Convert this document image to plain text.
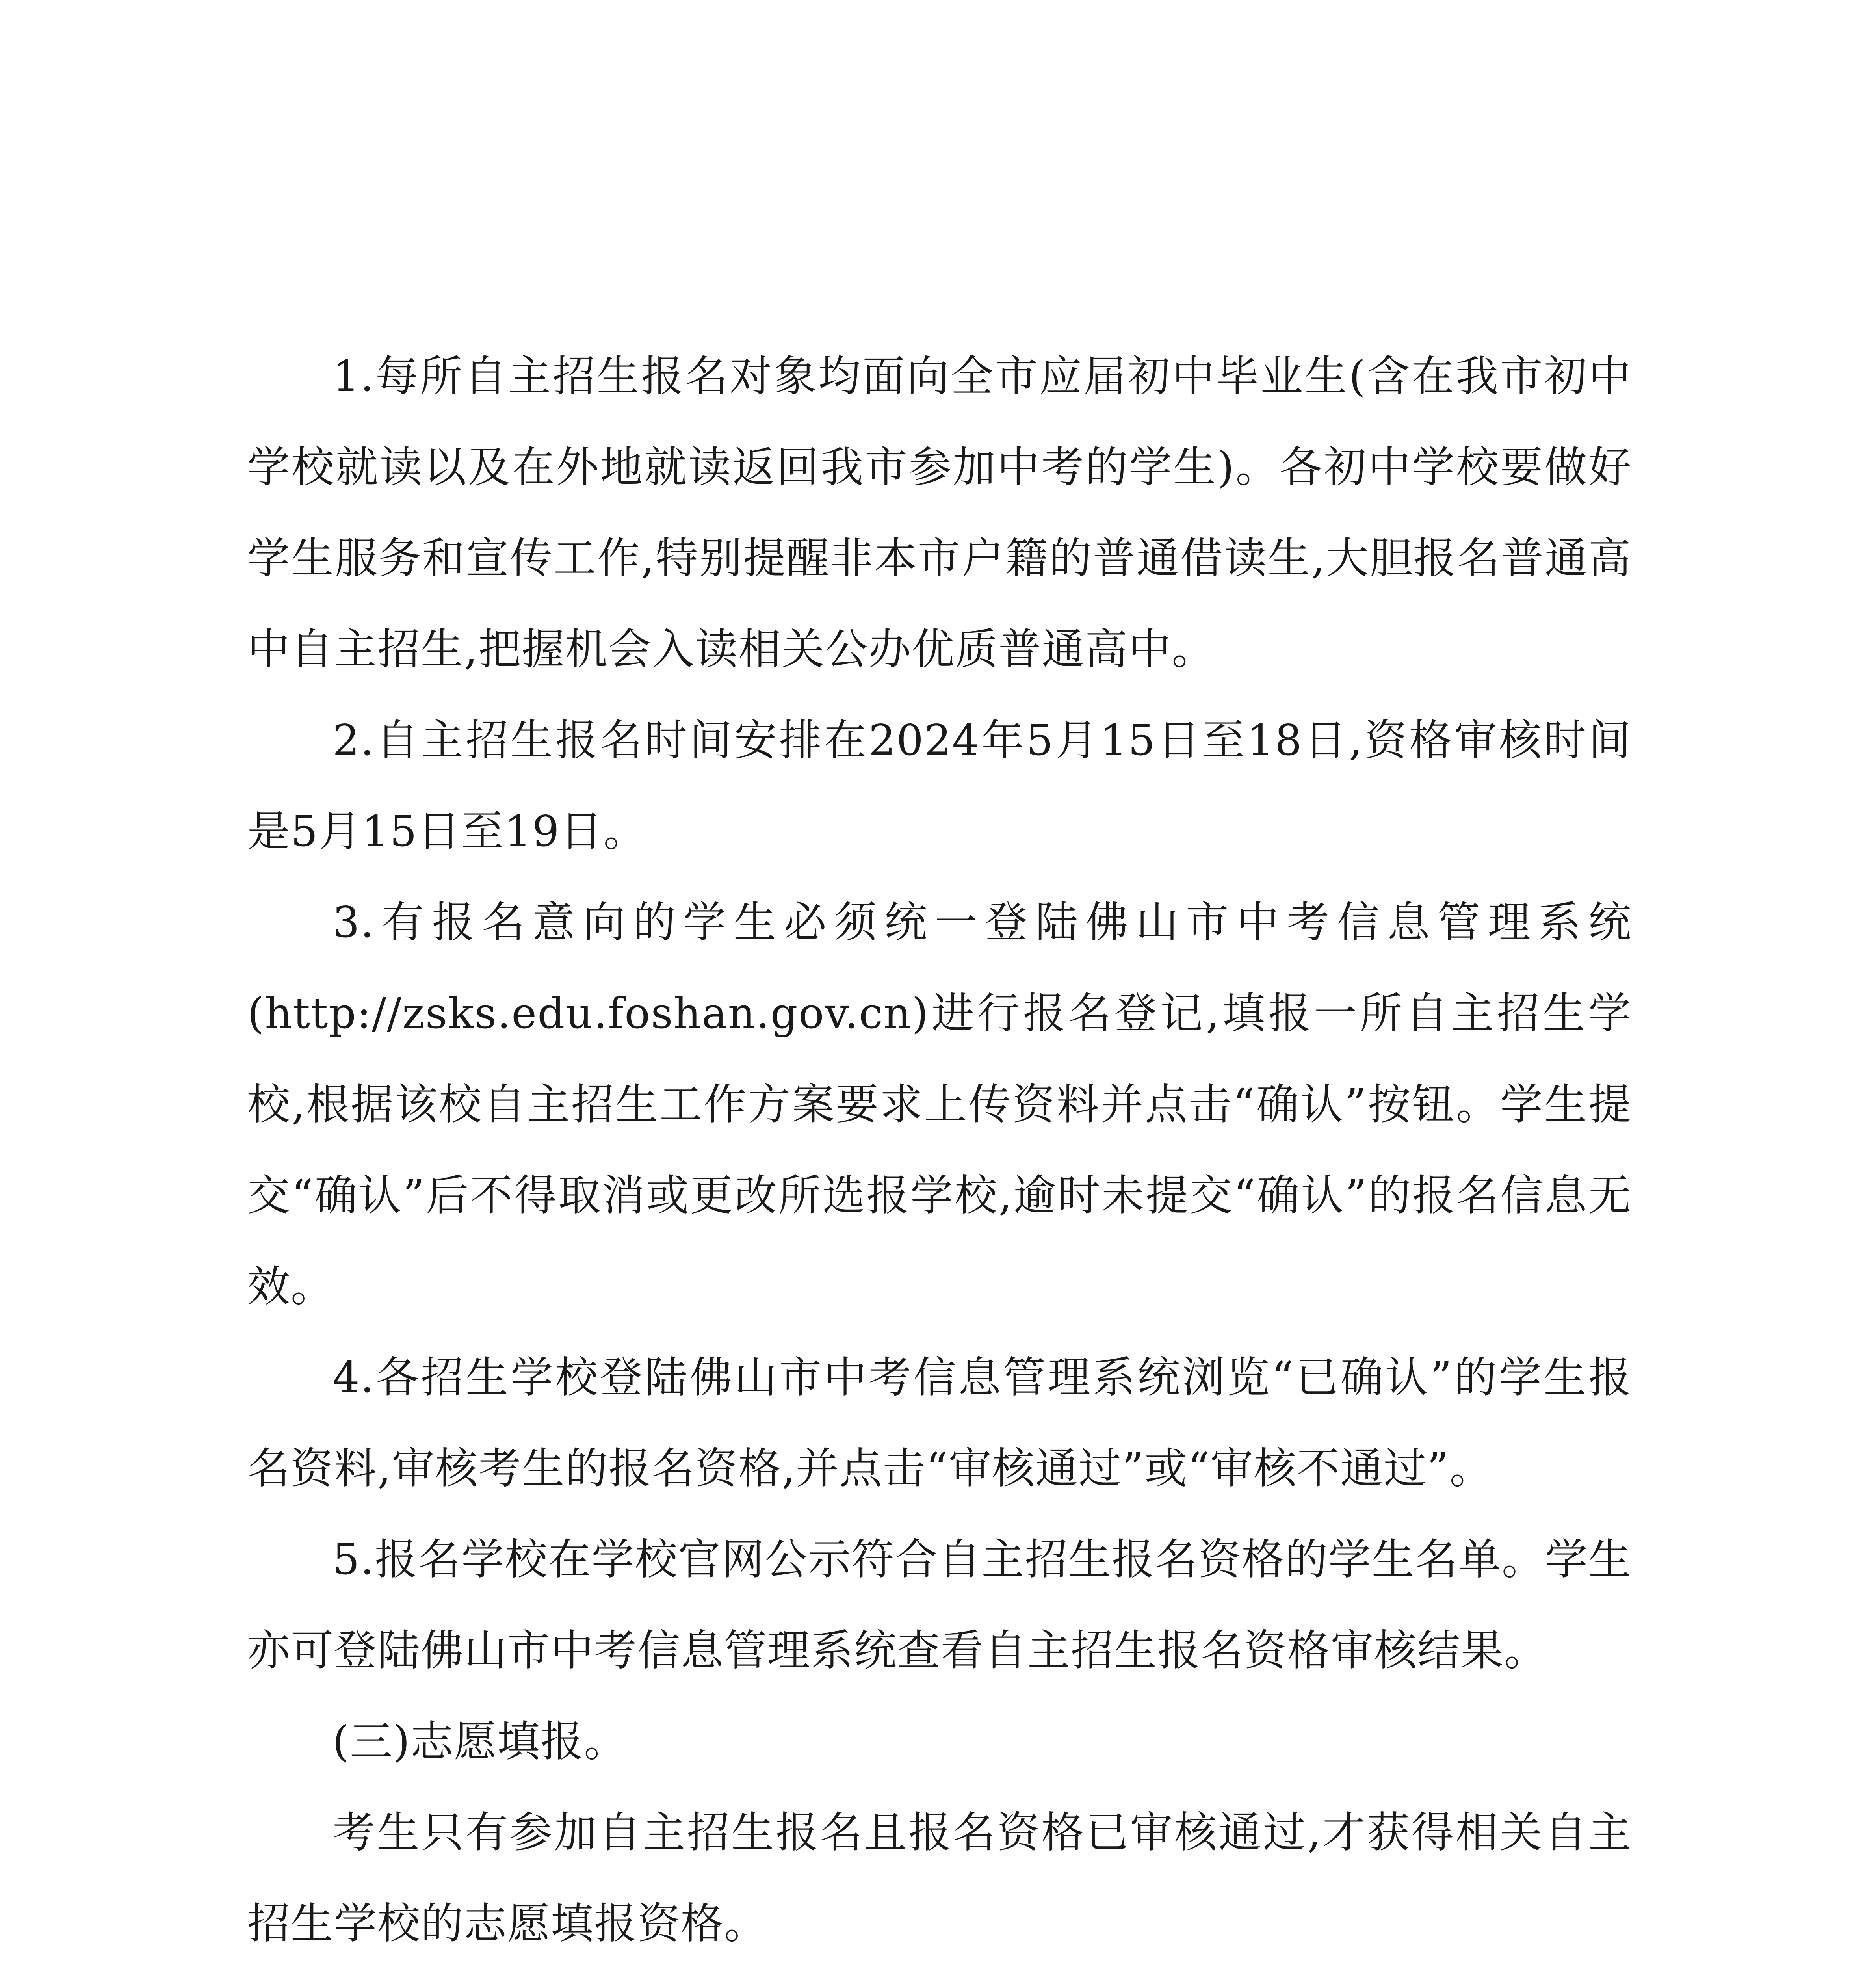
1.每所自主招生报名对象均面向全市应届初中毕业生(含在我市初中学校就读以及在外地就读返回我市参加中考的学生)。各初中学校要做好学生服务和宣传工作,特别提醒非本市户籍的普通借读生,大胆报名普通高中自主招生,把握机会入读相关公办优质普通高中。

2.自主招生报名时间安排在2024年5月15日至18日,资格审核时间是5月15日至19日。

3.有报名意向的学生必须统一登陆佛山市中考信息管理系统(http://zsks.edu.foshan.gov.cn)进行报名登记,填报一所自主招生学校,根据该校自主招生工作方案要求上传资料并点击“确认”按钮。学生提交“确认”后不得取消或更改所选报学校,逾时未提交“确认”的报名信息无效。

4.各招生学校登陆佛山市中考信息管理系统浏览“已确认”的学生报名资料,审核考生的报名资格,并点击“审核通过”或“审核不通过”。

5.报名学校在学校官网公示符合自主招生报名资格的学生名单。学生亦可登陆佛山市中考信息管理系统查看自主招生报名资格审核结果。

(三)志愿填报。

考生只有参加自主招生报名且报名资格已审核通过,才获得相关自主招生学校的志愿填报资格。
